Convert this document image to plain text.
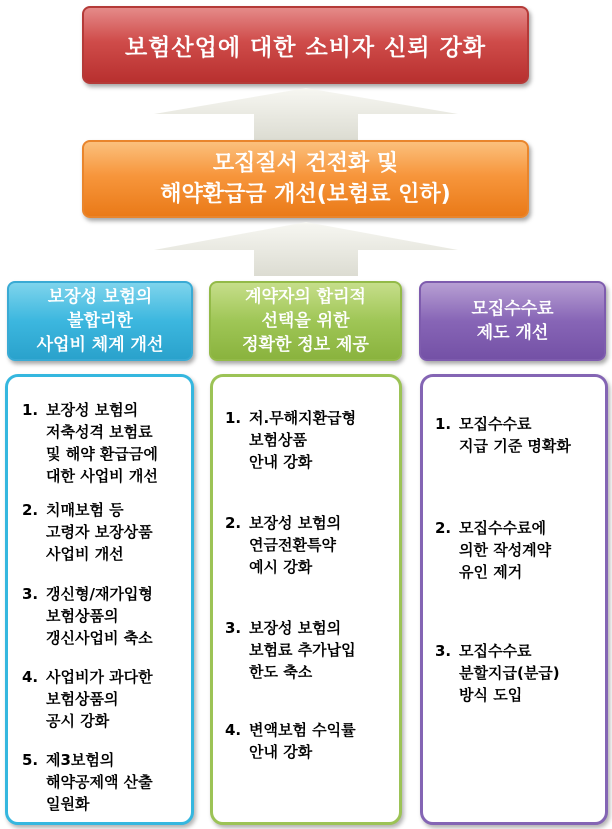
보험산업에 대한 소비자 신뢰 강화
모집질서 건전화 및
해약환급금 개선(보험료 인하)
보장성 보험의
불합리한
사업비 체계 개선
계약자의 합리적
선택을 위한
정확한 정보 제공
모집수수료
제도 개선
1. 보장성 보험의
저축성격 보험료
및 해약 환급금에
대한 사업비 개선
2. 치매보험 등
고령자 보장상품
사업비 개선
3. 갱신형/재가입형
보험상품의
갱신사업비 축소
4. 사업비가 과다한
보험상품의
공시 강화
5. 제3보험의
해약공제액 산출
일원화
1. 저.무해지환급형
보험상품
안내 강화
2. 보장성 보험의
연금전환특약
예시 강화
3. 보장성 보험의
보험료 추가납입
한도 축소
4. 변액보험 수익률
안내 강화
1. 모집수수료
지급 기준 명확화
2. 모집수수료에
의한 작성계약
유인 제거
3. 모집수수료
분할지급(분급)
방식 도입
